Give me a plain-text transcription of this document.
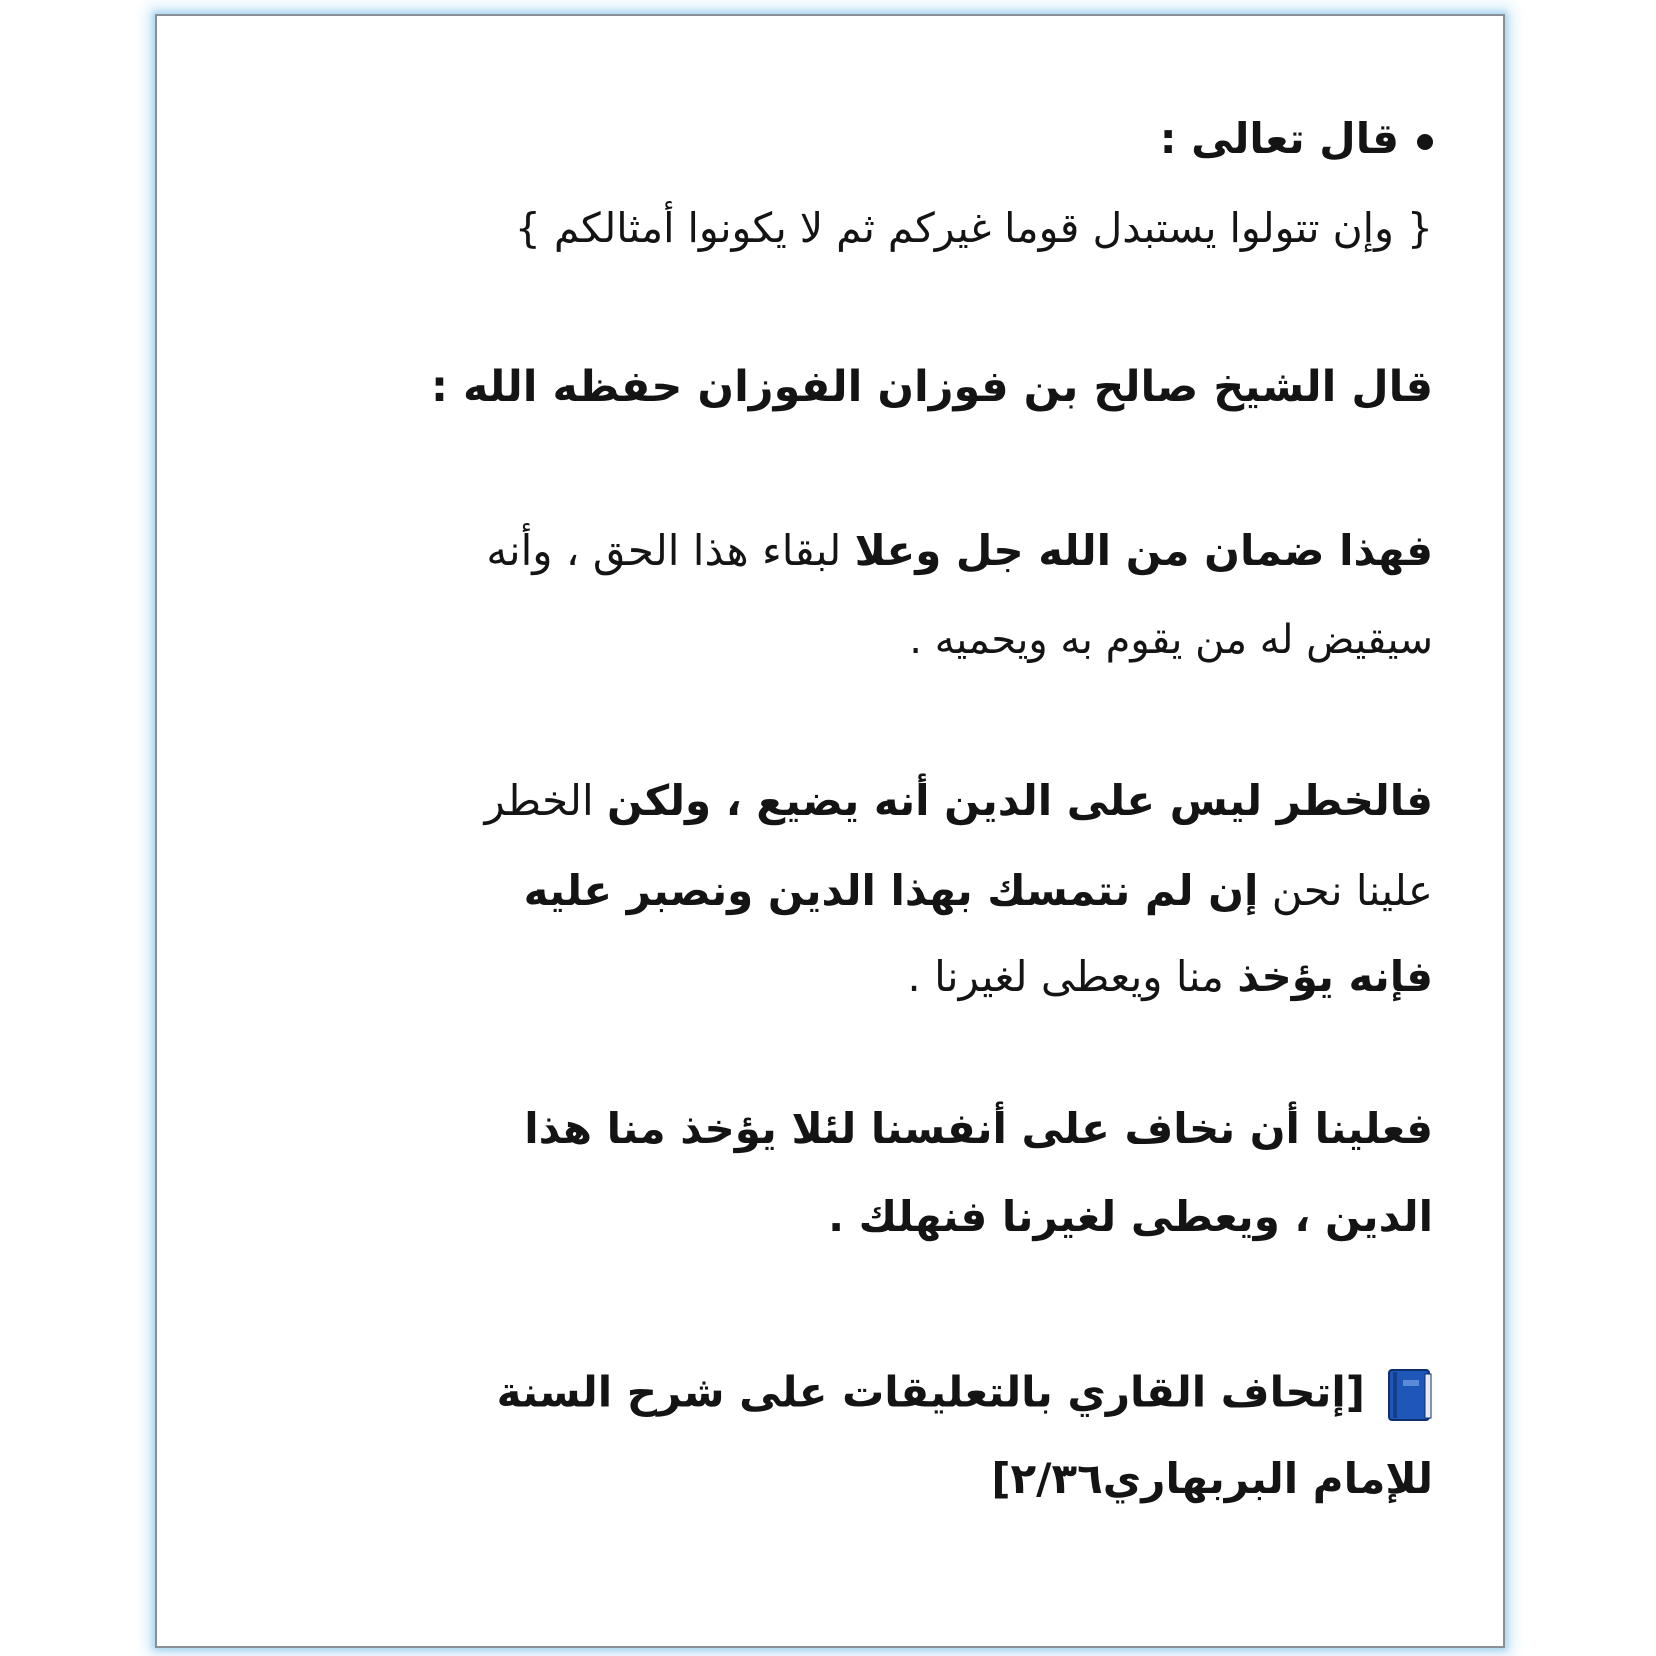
قال تعالى :
{ وإن تتولوا يستبدل قوما غيركم ثم لا يكونوا أمثالكم }
قال الشيخ صالح بن فوزان الفوزان حفظه الله :
فهذا ضمان من الله جل وعلا لبقاء هذا الحق ، وأنه
سيقيض له من يقوم به ويحميه .
فالخطر ليس على الدين أنه يضيع ، ولكن الخطر
علينا نحن إن لم نتمسك بهذا الدين ونصبر عليه
فإنه يؤخذ منا ويعطى لغيرنا .
فعلينا أن نخاف على أنفسنا لئلا يؤخذ منا هذا
الدين ، ويعطى لغيرنا فنهلك .
[إتحاف القاري بالتعليقات على شرح السنة
للإمام البربهاري٢/٣٦]
